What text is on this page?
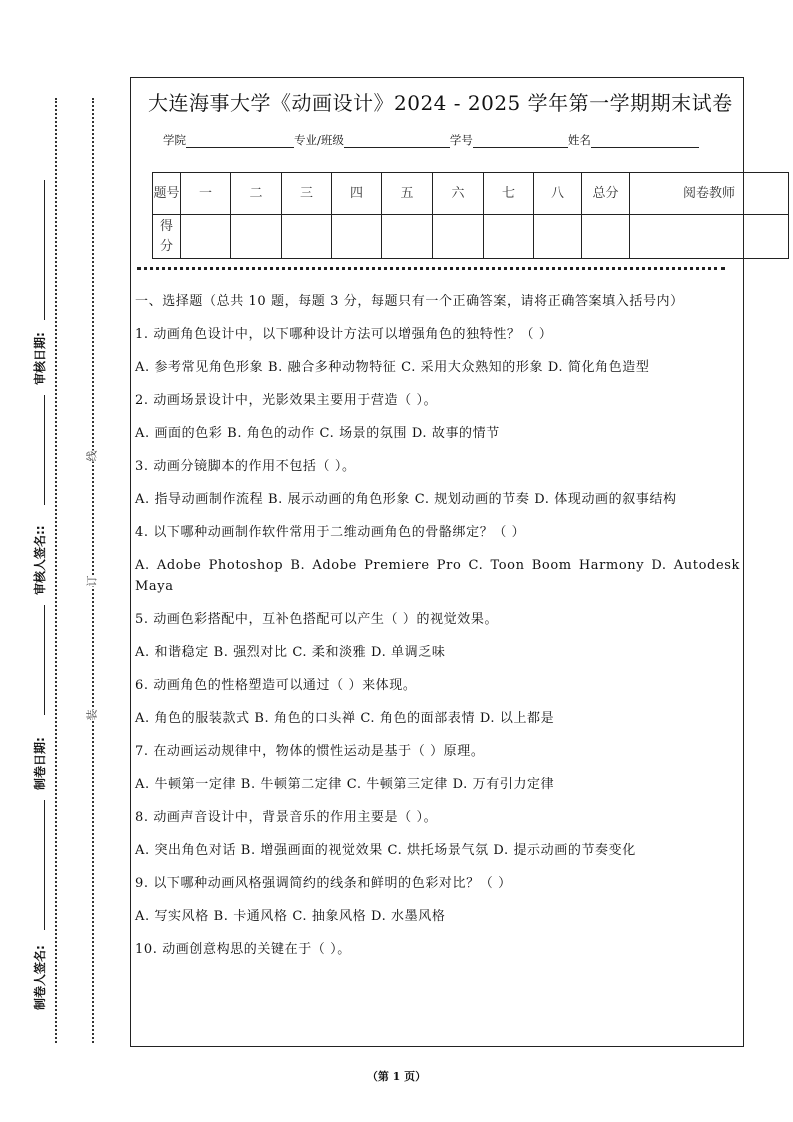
制卷人签名:
制卷日期:
审核人签名::
审核日期:
装
订
线
大连海事大学《动画设计》2024 - 2025 学年第一学期期末试卷
学院	专业/班级	学号	姓名
题号	一	二	三	四	五	六	七	八	总分	阅卷教师
得分										

一、选择题（总共 10 题，每题 3 分，每题只有一个正确答案，请将正确答案填入括号内）

1. 动画角色设计中，以下哪种设计方法可以增强角色的独特性？（ ）

A. 参考常见角色形象 B. 融合多种动物特征 C. 采用大众熟知的形象 D. 简化角色造型

2. 动画场景设计中，光影效果主要用于营造（ ）。

A. 画面的色彩 B. 角色的动作 C. 场景的氛围 D. 故事的情节

3. 动画分镜脚本的作用不包括（ ）。

A. 指导动画制作流程 B. 展示动画的角色形象 C. 规划动画的节奏 D. 体现动画的叙事结构

4. 以下哪种动画制作软件常用于二维动画角色的骨骼绑定？（ ）

A. Adobe Photoshop B. Adobe Premiere Pro C. Toon Boom Harmony D. Autodesk Maya

5. 动画色彩搭配中，互补色搭配可以产生（ ）的视觉效果。

A. 和谐稳定 B. 强烈对比 C. 柔和淡雅 D. 单调乏味

6. 动画角色的性格塑造可以通过（ ）来体现。

A. 角色的服装款式 B. 角色的口头禅 C. 角色的面部表情 D. 以上都是

7. 在动画运动规律中，物体的惯性运动是基于（ ）原理。

A. 牛顿第一定律 B. 牛顿第二定律 C. 牛顿第三定律 D. 万有引力定律

8. 动画声音设计中，背景音乐的作用主要是（ ）。

A. 突出角色对话 B. 增强画面的视觉效果 C. 烘托场景气氛 D. 提示动画的节奏变化

9. 以下哪种动画风格强调简约的线条和鲜明的色彩对比？（ ）

A. 写实风格 B. 卡通风格 C. 抽象风格 D. 水墨风格

10. 动画创意构思的关键在于（ ）。

（第 1 页）
